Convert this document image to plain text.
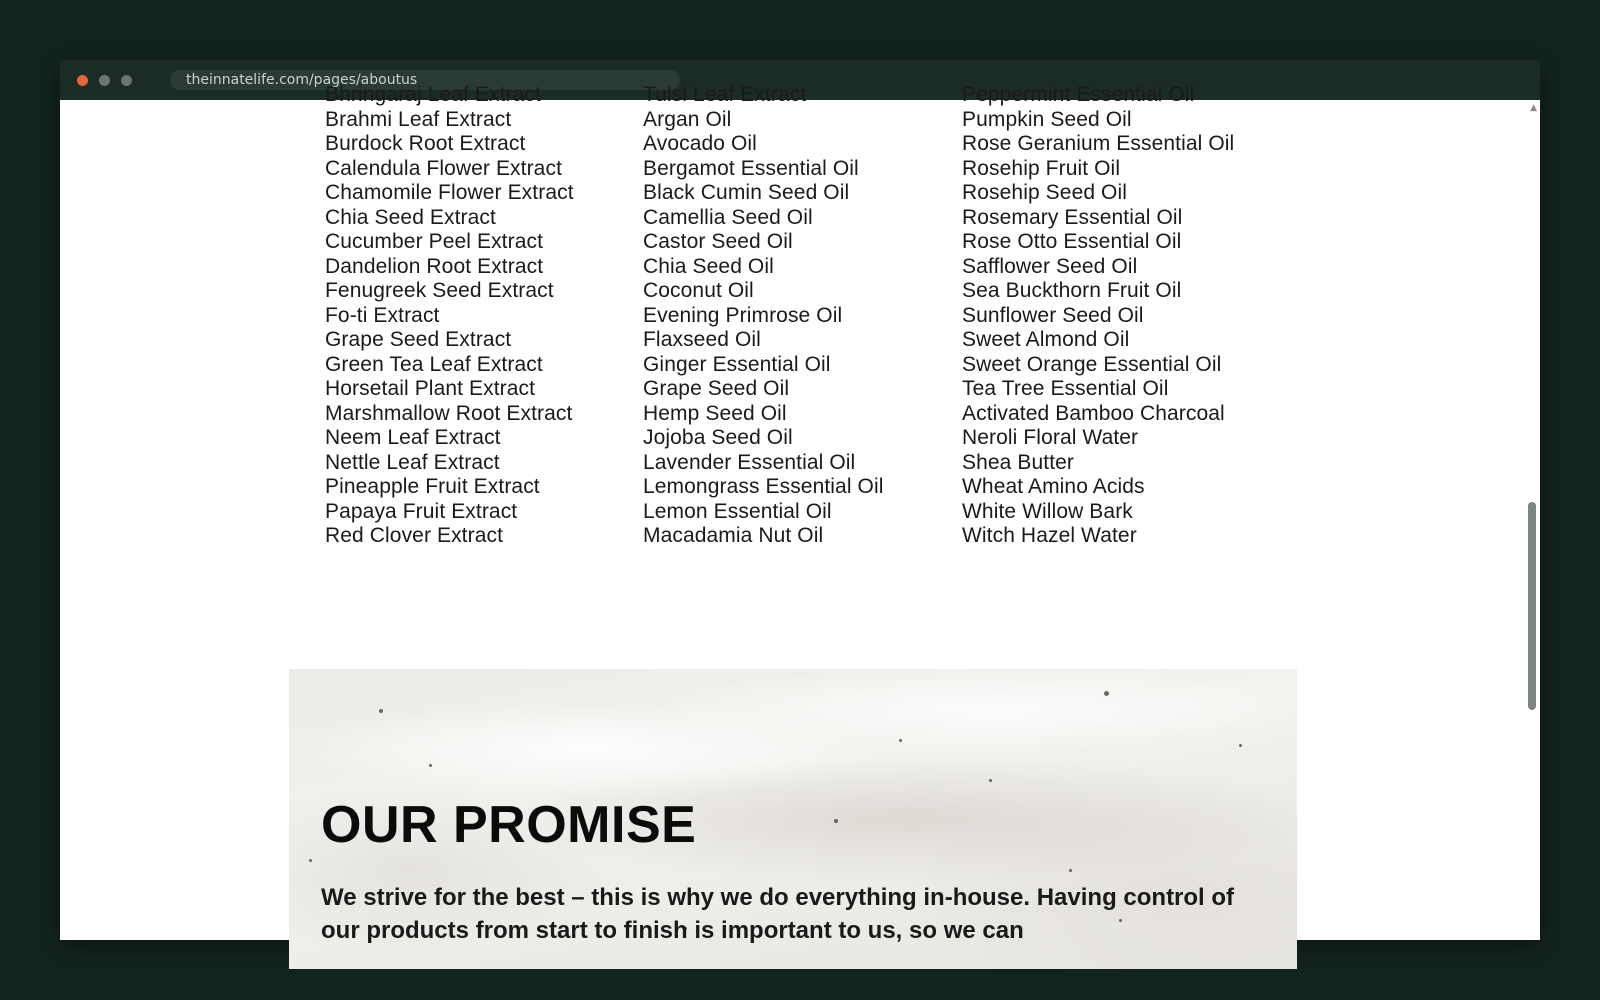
theinnatelife.com/pages/aboutus
Bhringaraj Leaf Extract
Brahmi Leaf Extract
Burdock Root Extract
Calendula Flower Extract
Chamomile Flower Extract
Chia Seed Extract
Cucumber Peel Extract
Dandelion Root Extract
Fenugreek Seed Extract
Fo-ti Extract
Grape Seed Extract
Green Tea Leaf Extract
Horsetail Plant Extract
Marshmallow Root Extract
Neem Leaf Extract
Nettle Leaf Extract
Pineapple Fruit Extract
Papaya Fruit Extract
Red Clover Extract
Tulsi Leaf Extract
Argan Oil
Avocado Oil
Bergamot Essential Oil
Black Cumin Seed Oil
Camellia Seed Oil
Castor Seed Oil
Chia Seed Oil
Coconut Oil
Evening Primrose Oil
Flaxseed Oil
Ginger Essential Oil
Grape Seed Oil
Hemp Seed Oil
Jojoba Seed Oil
Lavender Essential Oil
Lemongrass Essential Oil
Lemon Essential Oil
Macadamia Nut Oil
Peppermint Essential Oil
Pumpkin Seed Oil
Rose Geranium Essential Oil
Rosehip Fruit Oil
Rosehip Seed Oil
Rosemary Essential Oil
Rose Otto Essential Oil
Safflower Seed Oil
Sea Buckthorn Fruit Oil
Sunflower Seed Oil
Sweet Almond Oil
Sweet Orange Essential Oil
Tea Tree Essential Oil
Activated Bamboo Charcoal
Neroli Floral Water
Shea Butter
Wheat Amino Acids
White Willow Bark
Witch Hazel Water
OUR PROMISE
We strive for the best – this is why we do everything in-house. Having control of our products from start to finish is important to us, so we can
▲
